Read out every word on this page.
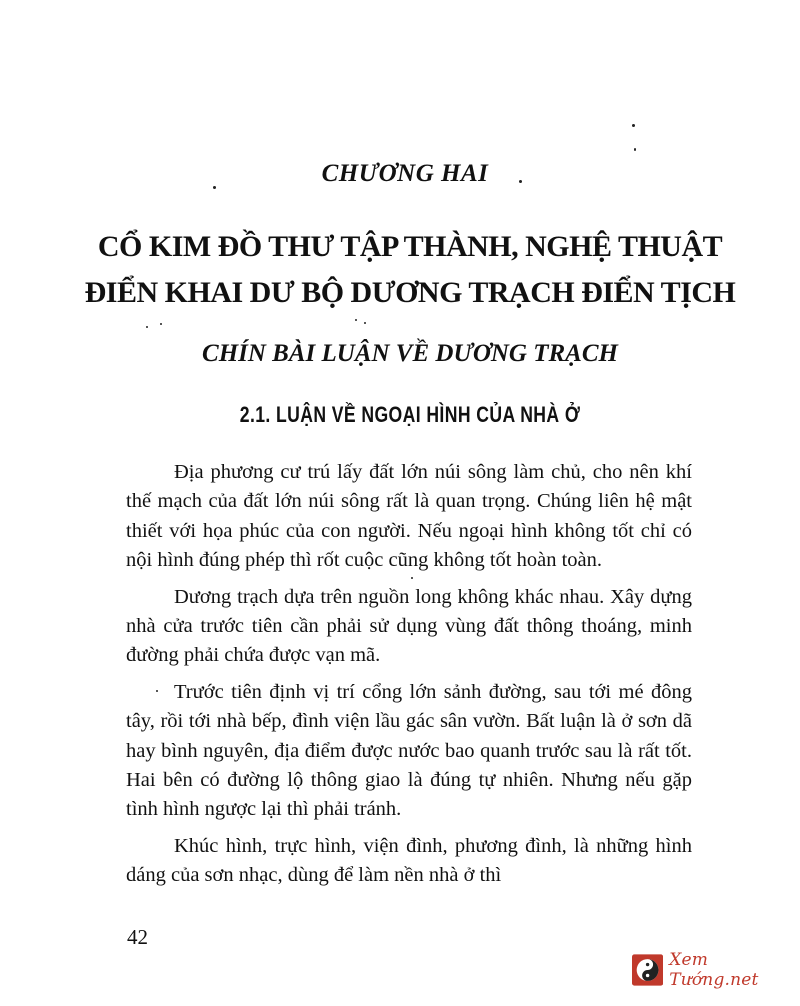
CHƯƠNG HAI
CỔ KIM ĐỒ THƯ TẬP THÀNH, NGHỆ THUẬT
ĐIỂN KHAI DƯ BỘ DƯƠNG TRẠCH ĐIỂN TỊCH
CHÍN BÀI LUẬN VỀ DƯƠNG TRẠCH
2.1. LUẬN VỀ NGOẠI HÌNH CỦA NHÀ Ở

Địa phương cư trú lấy đất lớn núi sông làm chủ, cho nên khí thế mạch của đất lớn núi sông rất là quan trọng. Chúng liên hệ mật thiết với họa phúc của con người. Nếu ngoại hình không tốt chỉ có nội hình đúng phép thì rốt cuộc cũng không tốt hoàn toàn.

Dương trạch dựa trên nguồn long không khác nhau. Xây dựng nhà cửa trước tiên cần phải sử dụng vùng đất thông thoáng, minh đường phải chứa được vạn mã.

Trước tiên định vị trí cổng lớn sảnh đường, sau tới mé đông tây, rồi tới nhà bếp, đình viện lầu gác sân vườn. Bất luận là ở sơn dã hay bình nguyên, địa điểm được nước bao quanh trước sau là rất tốt. Hai bên có đường lộ thông giao là đúng tự nhiên. Nhưng nếu gặp tình hình ngược lại thì phải tránh.

Khúc hình, trực hình, viện đình, phương đình, là những hình dáng của sơn nhạc, dùng để làm nền nhà ở thì

42
Xem Tướng.net
